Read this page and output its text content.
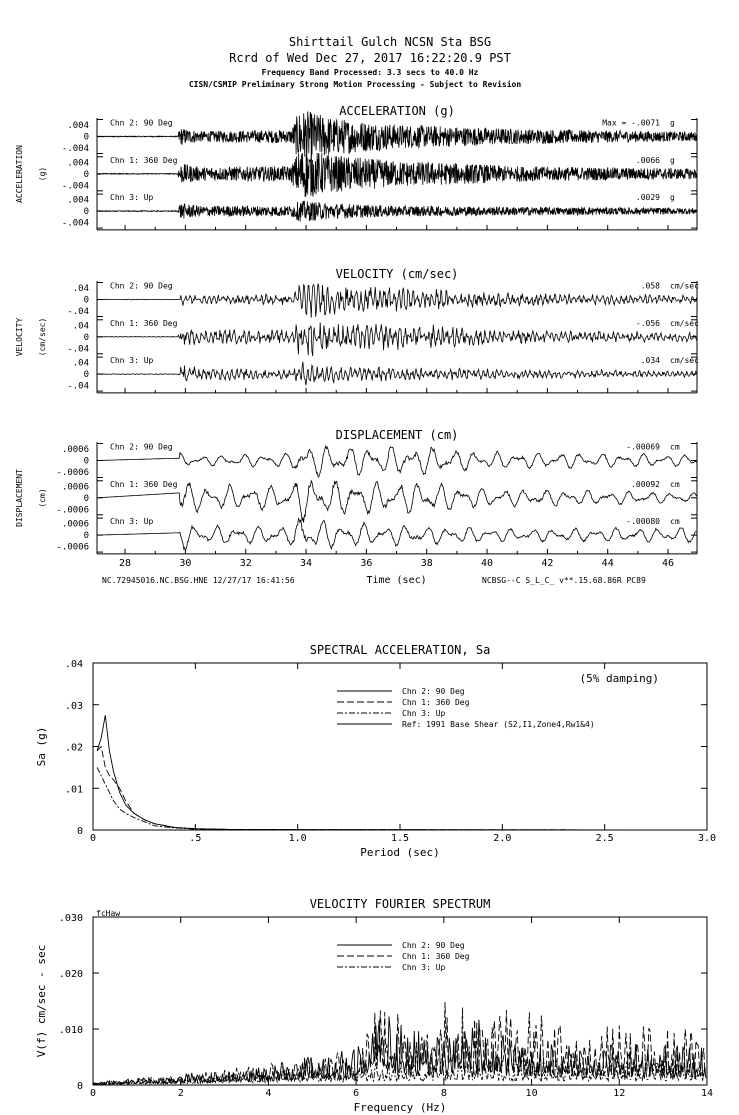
Shirttail Gulch NCSN Sta BSG
Rcrd of Wed Dec 27, 2017 16:22:20.9 PST
Frequency Band Processed: 3.3 secs to 40.0 Hz
CISN/CSMIP Preliminary Strong Motion Processing - Subject to Revision
NC.72945016.NC.BSG.HNE 12/27/17 16:41:56	NCBSG--C S_L_C_ v**.15.68.86R PC89
ACCELERATION (g)
ACCELERATION (g)
.004
0
-.004
Chn 2: 90 Deg	Max = -.0071 g
.004
0
-.004
Chn 1: 360 Deg	.0066 g
.004
0
-.004
Chn 3: Up	.0029 g
VELOCITY (cm/sec)
VELOCITY (cm/sec)
.04
0
-.04
Chn 2: 90 Deg	.058 cm/sec
.04
0
-.04
Chn 1: 360 Deg	-.056 cm/sec
.04
0
-.04
Chn 3: Up	.034 cm/sec
DISPLACEMENT (cm)
DISPLACEMENT (cm)
.0006
0
-.0006
Chn 2: 90 Deg	-.00069 cm
.0006
0
-.0006
Chn 1: 360 Deg	.00092 cm
.0006
0
-.0006
Chn 3: Up	-.00080 cm
28	30	32	34	36	38	40	42	44	46
Time (sec)
SPECTRAL ACCELERATION, Sa
0	.5	1.0	1.5	2.0	2.5	3.0
0
.01
.02
.03
.04
Period (sec)
Sa (g)
Chn 2: 90 Deg
Chn 1: 360 Deg
Chn 3: Up
Ref: 1991 Base Shear (S2,I1,Zone4,Rw1&4)
(5% damping)
VELOCITY FOURIER SPECTRUM
0	2	4	6	8	10	12	14
0
.010
.020
.030
Frequency (Hz)
V(f) cm/sec - sec	Chn 2: 90 Deg
Chn 1: 360 Deg
Chn 3: Up
fcHaw
